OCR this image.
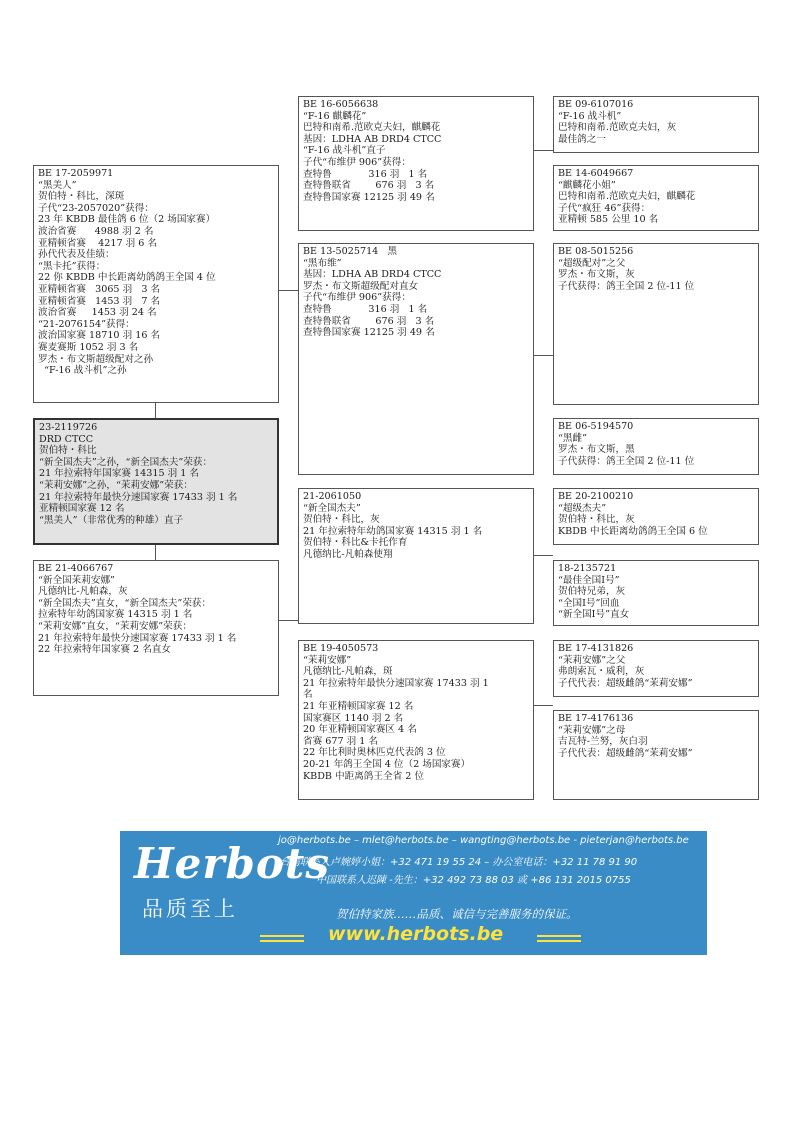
BE 17-2059971
“黑美人”
贺伯特・科比，深斑
子代“23-2057020”获得：
23 年 KBDB 最佳鸽 6 位（2 场国家赛）
波治省赛      4988 羽 2 名
亚精顿省赛    4217 羽 6 名
孙代代表及佳绩：
“黑卡托”获得：
22 你 KBDB 中长距离幼鸽鸽王全国 4 位
亚精顿省赛   3065 羽   3 名
亚精顿省赛   1453 羽   7 名
波治省赛     1453 羽 24 名
“21-2076154”获得：
波治国家赛 18710 羽 16 名
赛麦赛斯 1052 羽 3 名
罗杰・布文斯超级配对之孙
“F-16 战斗机”之孙
23-2119726
DRD CTCC
贺伯特・科比
“新全国杰夫”之孙，“新全国杰夫”荣获：
21 年拉索特年国家赛 14315 羽 1 名
“茉莉安娜”之孙，“茉莉安娜”荣获：
21 年拉索特年最快分速国家赛 17433 羽 1 名
亚精顿国家赛 12 名
“黑美人”（非常优秀的种雄）直子
BE 21-4066767
“新全国茉莉安娜”
凡德纳比-凡帕森，灰
“新全国杰夫”直女，“新全国杰夫”荣获：
拉索特年幼鸽国家赛 14315 羽 1 名
“茉莉安娜”直女，“茉莉安娜”荣获：
21 年拉索特年最快分速国家赛 17433 羽 1 名
22 年拉索特年国家赛 2 名直女
BE 16-6056638
“F-16 麒麟花”
巴特和南希.范欧克夫妇，麒麟花
基因：LDHA AB DRD4 CTCC
“F-16 战斗机”直子
子代“布维伊 906”获得：
查特鲁            316 羽   1 名
查特鲁联省        676 羽   3 名
查特鲁国家赛 12125 羽 49 名
BE 13-5025714   黑
“黑布维”
基因：LDHA AB DRD4 CTCC
罗杰・布文斯超级配对直女
子代“布维伊 906”获得：
查特鲁            316 羽   1 名
查特鲁联省        676 羽   3 名
查特鲁国家赛 12125 羽 49 名
21-2061050
“新全国杰夫”
贺伯特・科比，灰
21 年拉索特年幼鸽国家赛 14315 羽 1 名
贺伯特・科比&卡托作育
凡德纳比-凡帕森使翔
BE 19-4050573
“茉莉安娜”
凡德纳比-凡帕森，斑
21 年拉索特年最快分速国家赛 17433 羽 1
名
21 年亚精顿国家赛 12 名
国家赛区 1140 羽 2 名
20 年亚精顿国家赛区 4 名
省赛 677 羽 1 名
22 年比利时奥林匹克代表鸽 3 位
20-21 年鸽王全国 4 位（2 场国家赛）
KBDB 中距离鸽王全省 2 位
BE 09-6107016
“F-16 战斗机”
巴特和南希.范欧克夫妇，灰
最佳鸽之一
BE 14-6049667
“麒麟花小姐”
巴特和南希.范欧克夫妇，麒麟花
子代“疯狂 46”获得：
亚精顿 585 公里 10 名
BE 08-5015256
“超级配对”之父
罗杰・布文斯，灰
子代获得：鸽王全国 2 位-11 位
BE 06-5194570
“黑雌”
罗杰・布文斯，黑
子代获得：鸽王全国 2 位-11 位
BE 20-2100210
“超级杰夫”
贺伯特・科比，灰
KBDB 中长距离幼鸽鸽王全国 6 位
18-2135721
“最佳全国Ⅰ号”
贺伯特兄弟，灰
“全国Ⅰ号”回血
“新全国Ⅰ号”直女
BE 17-4131826
“茉莉安娜”之父
弗朗索瓦・威利，灰
子代代表：超级雌鸽“茉莉安娜”
BE 17-4176136
“茉莉安娜”之母
吉瓦特-兰努，灰白羽
子代代表：超级雌鸽“茉莉安娜”
jo@herbots.be – mlet@herbots.be – wangting@herbots.be - pieterjan@herbots.be
Herbots
台湾联系人卢婉婷小姐：+32 471 19 55 24 – 办公室电话：+32 11 78 91 90
中国联系人迟陳 -先生：+32 492 73 88 03 或 +86 131 2015 0755
品质至上	贺伯特家族……品质、诚信与完善服务的保证。
www.herbots.be
